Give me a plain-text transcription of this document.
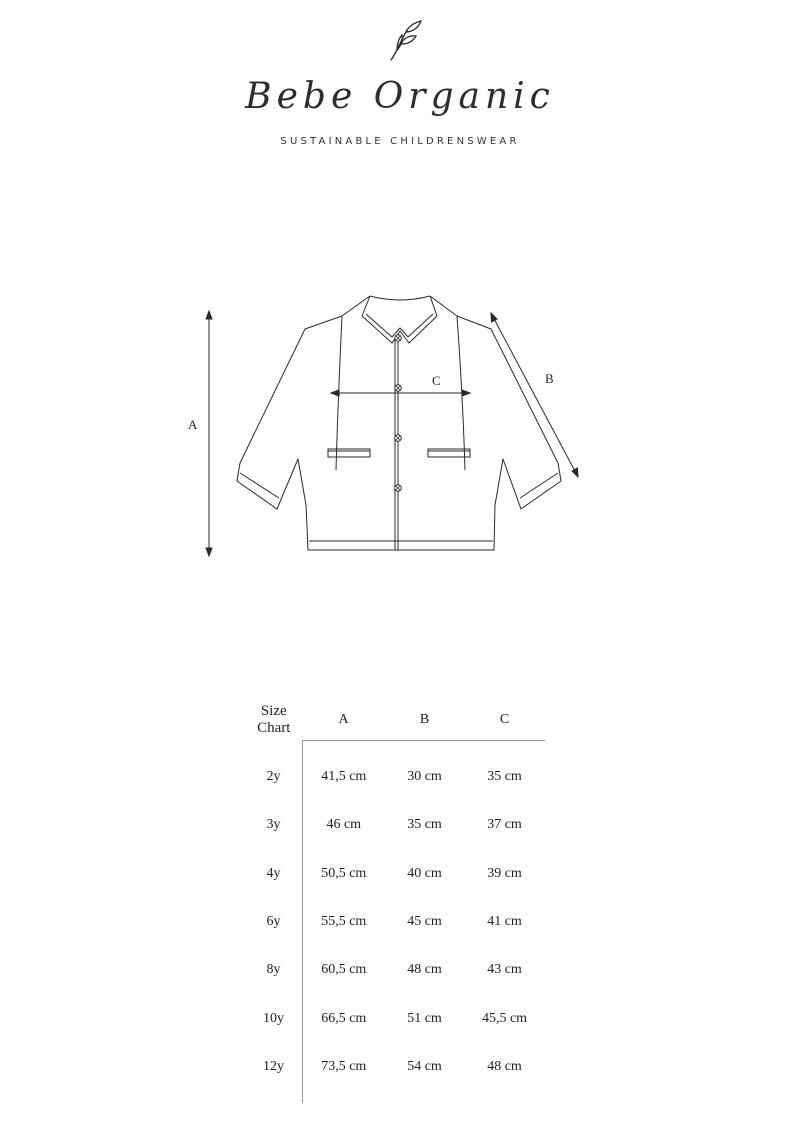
Bebe Organic
SUSTAINABLE CHILDRENSWEAR
A
B
C
Size
Chart	A	B	C
2y	41,5 cm	30 cm	35 cm
3y	46 cm	35 cm	37 cm
4y	50,5 cm	40 cm	39 cm
6y	55,5 cm	45 cm	41 cm
8y	60,5 cm	48 cm	43 cm
10y	66,5 cm	51 cm	45,5 cm
12y	73,5 cm	54 cm	48 cm
